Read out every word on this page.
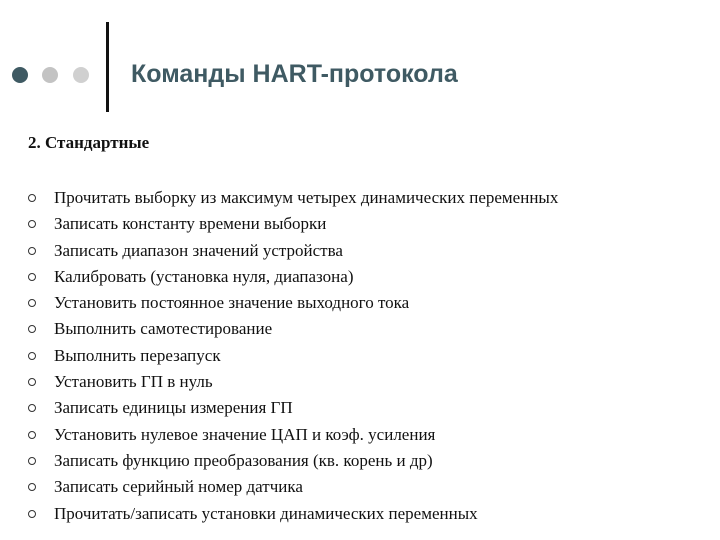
Команды HART-протокола
2. Стандартные
Прочитать выборку из максимум четырех динамических переменных
Записать константу времени выборки
Записать диапазон значений устройства
Калибровать (установка нуля, диапазона)
Установить постоянное значение выходного тока
Выполнить самотестирование
Выполнить перезапуск
Установить ГП в нуль
Записать единицы измерения ГП
Установить нулевое значение ЦАП и коэф. усиления
Записать функцию преобразования (кв. корень и др)
Записать серийный номер датчика
Прочитать/записать установки динамических переменных
